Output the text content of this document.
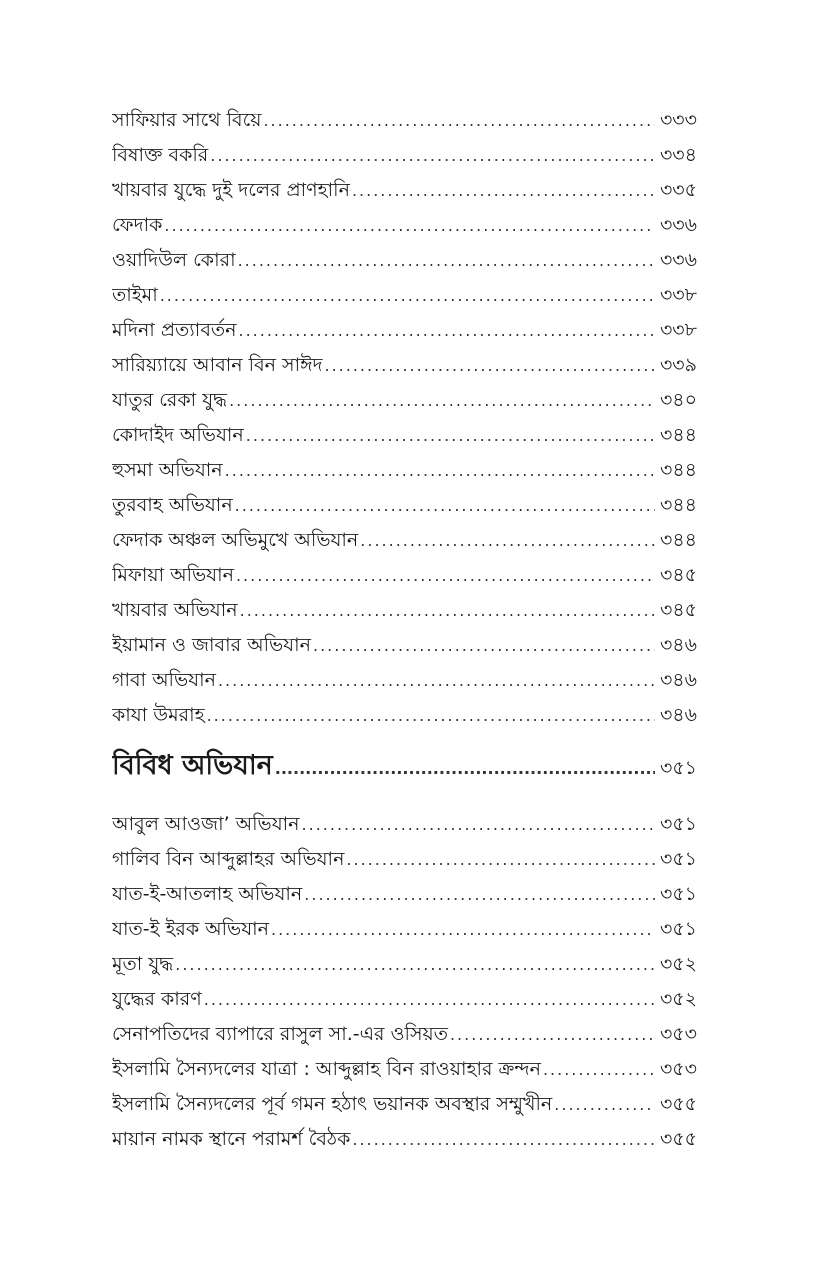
সাফিয়ার সাথে বিয়ে .....	৩৩৩
বিষাক্ত বকরি .....	৩৩৪
খায়বার যুদ্ধে দুই দলের প্রাণহানি .....	৩৩৫
ফেদাক .....	৩৩৬
ওয়াদিউল কোরা .....	৩৩৬
তাইমা .....	৩৩৮
মদিনা প্রত্যাবর্তন .....	৩৩৮
সারিয়্যায়ে আবান বিন সাঈদ .....	৩৩৯
যাতুর রেকা যুদ্ধ .....	৩৪০
কোদাইদ অভিযান .....	৩৪৪
হুসমা অভিযান .....	৩৪৪
তুরবাহ অভিযান .....	৩৪৪
ফেদাক অঞ্চল অভিমুখে অভিযান .....	৩৪৪
মিফায়া অভিযান .....	৩৪৫
খায়বার অভিযান .....	৩৪৫
ইয়ামান ও জাবার অভিযান .....	৩৪৬
গাবা অভিযান .....	৩৪৬
কাযা উমরাহ .....	৩৪৬
বিবিধ অভিযান .....	৩৫১
আবুল আওজা’ অভিযান .....	৩৫১
গালিব বিন আব্দুল্লাহর অভিযান .....	৩৫১
যাত-ই-আতলাহ অভিযান .....	৩৫১
যাত-ই ইরক অভিযান .....	৩৫১
মূতা যুদ্ধ .....	৩৫২
যুদ্ধের কারণ .....	৩৫২
সেনাপতিদের ব্যাপারে রাসুল সা.-এর ওসিয়ত .....	৩৫৩
ইসলামি সৈন্যদলের যাত্রা : আব্দুল্লাহ বিন রাওয়াহার ক্রন্দন .....	৩৫৩
ইসলামি সৈন্যদলের পূর্ব গমন হঠাৎ ভয়ানক অবস্থার সম্মুখীন .....	৩৫৫
মায়ান নামক স্থানে পরামর্শ বৈঠক .....	৩৫৫
